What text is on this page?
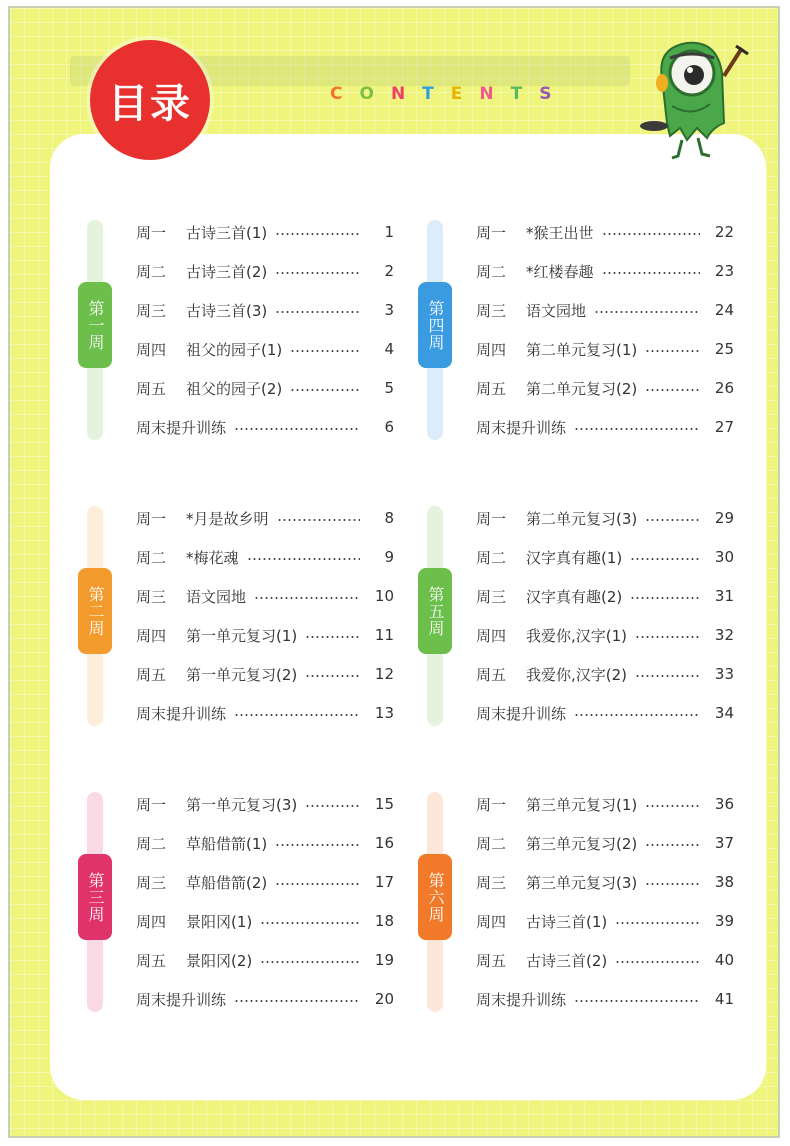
目录	C O N T E N T S
第一周
周一	古诗三首(1)	1
周二	古诗三首(2)	2
周三	古诗三首(3)	3
周四	祖父的园子(1)	4
周五	祖父的园子(2)	5
周末提升训练	6
第二周
周一	*月是故乡明	8
周二	*梅花魂	9
周三	语文园地	10
周四	第一单元复习(1)	11
周五	第一单元复习(2)	12
周末提升训练	13
第三周
周一	第一单元复习(3)	15
周二	草船借箭(1)	16
周三	草船借箭(2)	17
周四	景阳冈(1)	18
周五	景阳冈(2)	19
周末提升训练	20
第四周
周一	*猴王出世	22
周二	*红楼春趣	23
周三	语文园地	24
周四	第二单元复习(1)	25
周五	第二单元复习(2)	26
周末提升训练	27
第五周
周一	第二单元复习(3)	29
周二	汉字真有趣(1)	30
周三	汉字真有趣(2)	31
周四	我爱你,汉字(1)	32
周五	我爱你,汉字(2)	33
周末提升训练	34
第六周
周一	第三单元复习(1)	36
周二	第三单元复习(2)	37
周三	第三单元复习(3)	38
周四	古诗三首(1)	39
周五	古诗三首(2)	40
周末提升训练	41
